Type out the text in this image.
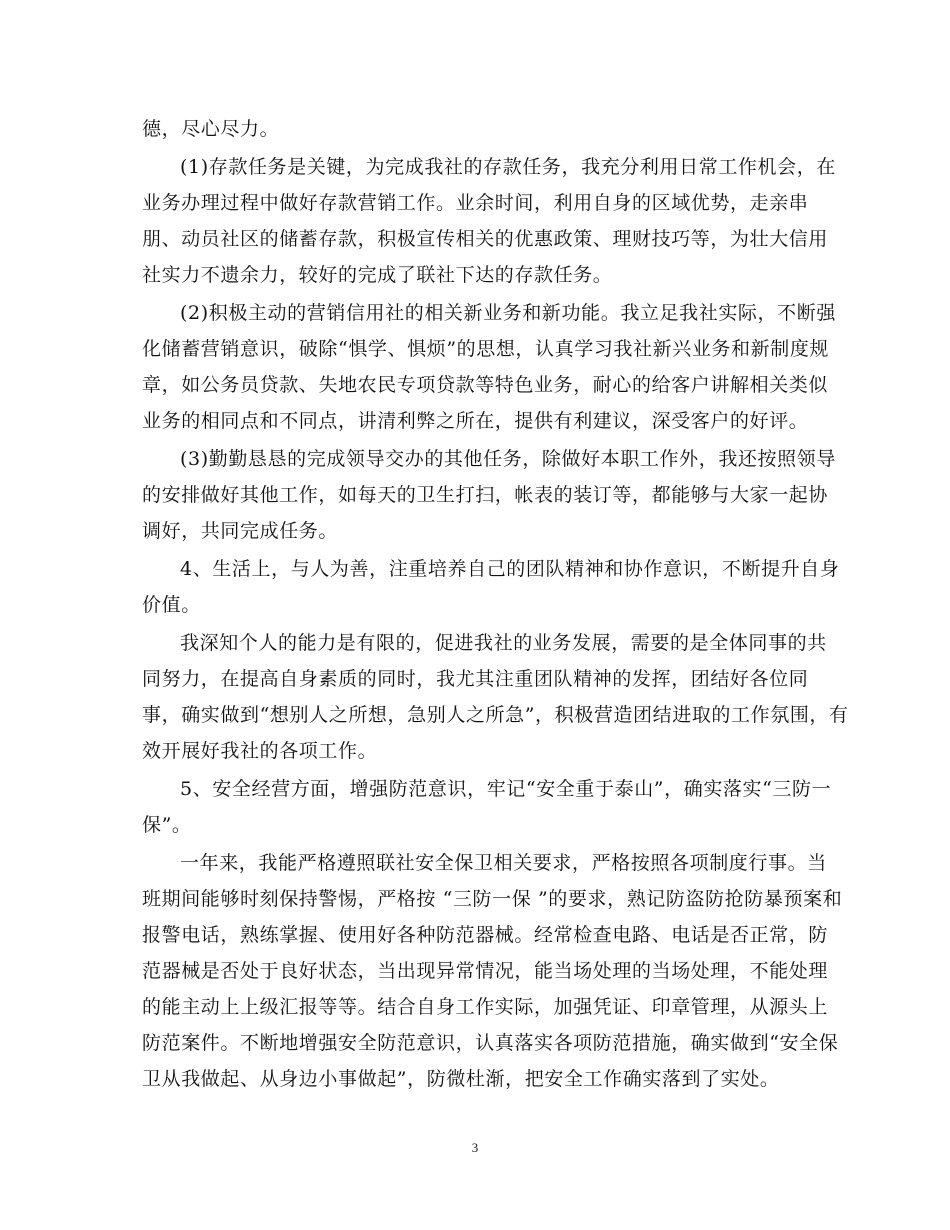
德，尽心尽力。
(1)存款任务是关键，为完成我社的存款任务，我充分利用日常工作机会，在
业务办理过程中做好存款营销工作。业余时间，利用自身的区域优势，走亲串
朋、动员社区的储蓄存款，积极宣传相关的优惠政策、理财技巧等，为壮大信用
社实力不遗余力，较好的完成了联社下达的存款任务。
(2)积极主动的营销信用社的相关新业务和新功能。我立足我社实际，不断强
化储蓄营销意识，破除“惧学、惧烦”的思想，认真学习我社新兴业务和新制度规
章，如公务员贷款、失地农民专项贷款等特色业务，耐心的给客户讲解相关类似
业务的相同点和不同点，讲清利弊之所在，提供有利建议，深受客户的好评。
(3)勤勤恳恳的完成领导交办的其他任务，除做好本职工作外，我还按照领导
的安排做好其他工作，如每天的卫生打扫，帐表的装订等，都能够与大家一起协
调好，共同完成任务。
4、生活上，与人为善，注重培养自己的团队精神和协作意识，不断提升自身
价值。
我深知个人的能力是有限的，促进我社的业务发展，需要的是全体同事的共
同努力，在提高自身素质的同时，我尤其注重团队精神的发挥，团结好各位同
事，确实做到“想别人之所想，急别人之所急”，积极营造团结进取的工作氛围，有
效开展好我社的各项工作。
5、安全经营方面，增强防范意识，牢记“安全重于泰山”，确实落实“三防一
保”。
一年来，我能严格遵照联社安全保卫相关要求，严格按照各项制度行事。当
班期间能够时刻保持警惕，严格按 “三防一保 ”的要求，熟记防盗防抢防暴预案和
报警电话，熟练掌握、使用好各种防范器械。经常检查电路、电话是否正常，防
范器械是否处于良好状态，当出现异常情况，能当场处理的当场处理，不能处理
的能主动上上级汇报等等。结合自身工作实际，加强凭证、印章管理，从源头上
防范案件。不断地增强安全防范意识，认真落实各项防范措施，确实做到“安全保
卫从我做起、从身边小事做起”，防微杜渐，把安全工作确实落到了实处。
3
